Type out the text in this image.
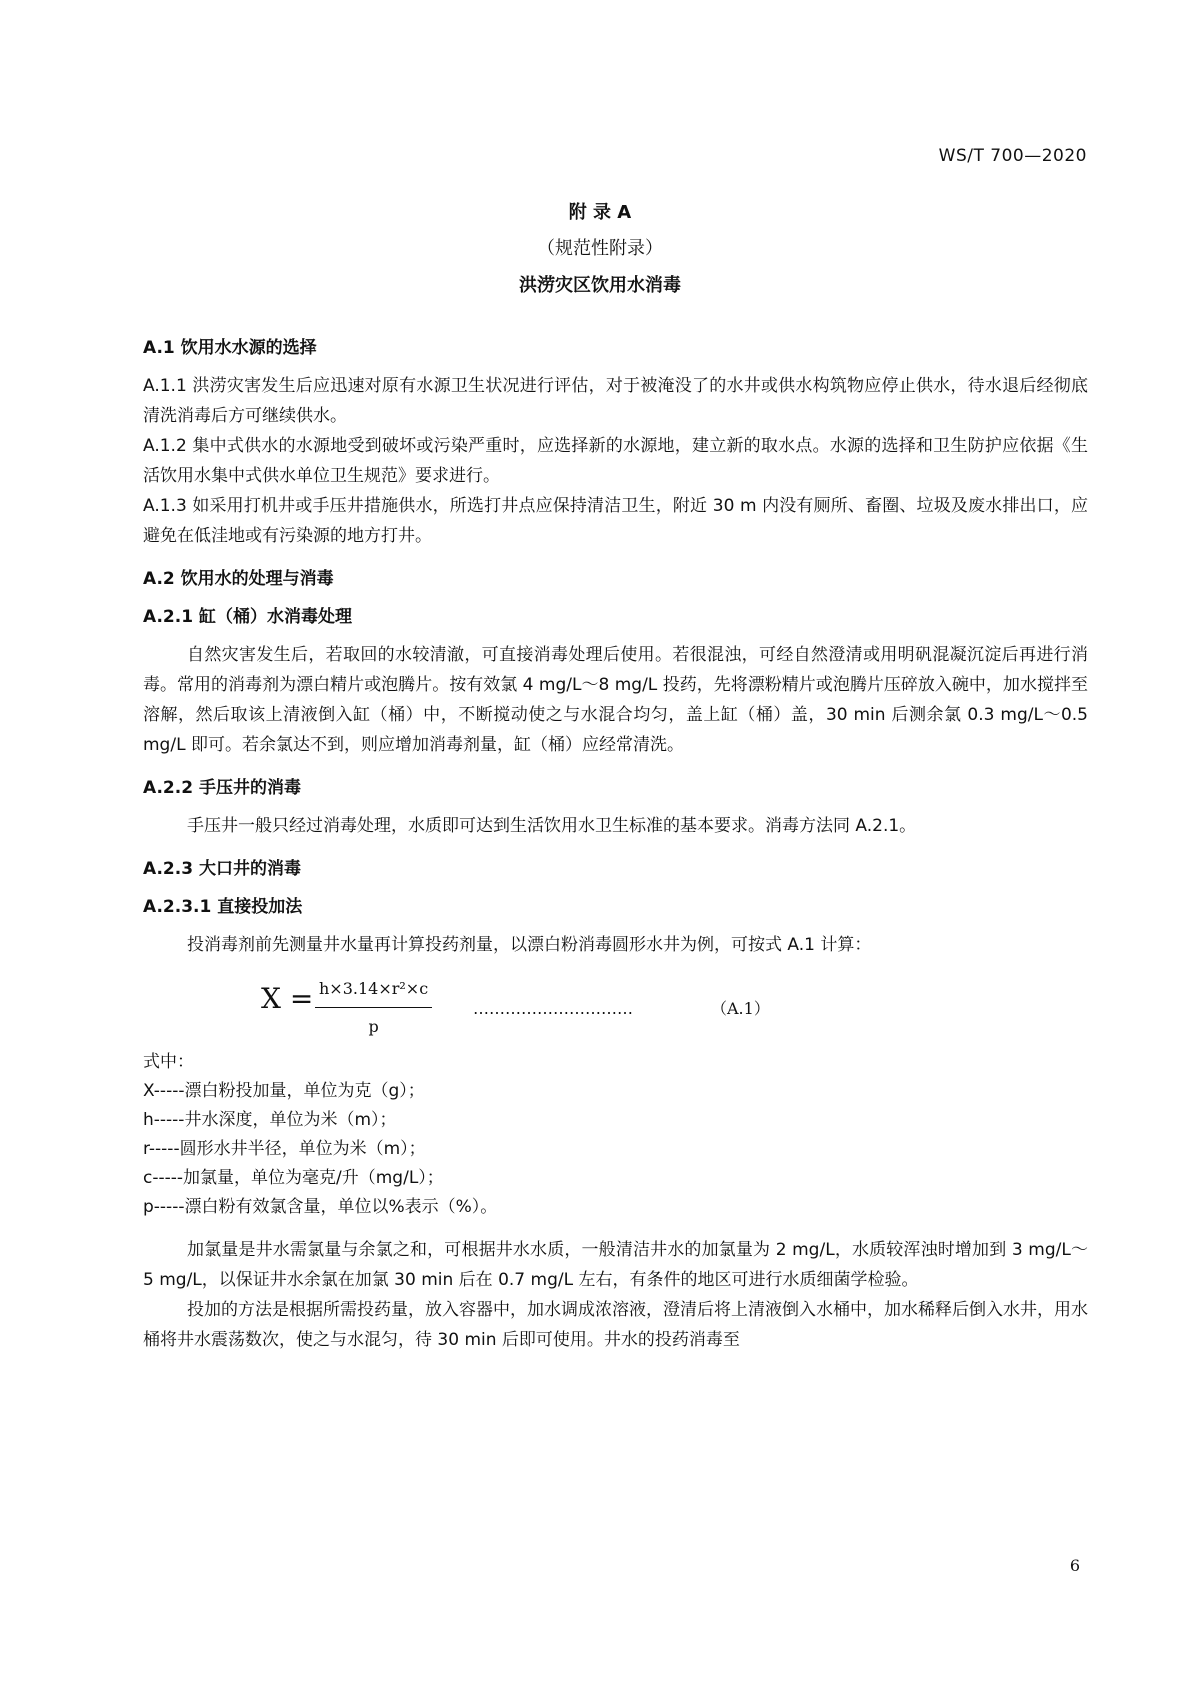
WS/T 700—2020
附 录 A
（规范性附录）
洪涝灾区饮用水消毒

A.1 饮用水水源的选择

A.1.1 洪涝灾害发生后应迅速对原有水源卫生状况进行评估，对于被淹没了的水井或供水构筑物应停止供水，待水退后经彻底清洗消毒后方可继续供水。

A.1.2 集中式供水的水源地受到破坏或污染严重时，应选择新的水源地，建立新的取水点。水源的选择和卫生防护应依据《生活饮用水集中式供水单位卫生规范》要求进行。

A.1.3 如采用打机井或手压井措施供水，所选打井点应保持清洁卫生，附近 30 m 内没有厕所、畜圈、垃圾及废水排出口，应避免在低洼地或有污染源的地方打井。

A.2 饮用水的处理与消毒

A.2.1 缸（桶）水消毒处理

自然灾害发生后，若取回的水较清澈，可直接消毒处理后使用。若很混浊，可经自然澄清或用明矾混凝沉淀后再进行消毒。常用的消毒剂为漂白精片或泡腾片。按有效氯 4 mg/L～8 mg/L 投药，先将漂粉精片或泡腾片压碎放入碗中，加水搅拌至溶解，然后取该上清液倒入缸（桶）中，不断搅动使之与水混合均匀，盖上缸（桶）盖，30 min 后测余氯 0.3 mg/L～0.5 mg/L 即可。若余氯达不到，则应增加消毒剂量，缸（桶）应经常清洗。

A.2.2 手压井的消毒

手压井一般只经过消毒处理，水质即可达到生活饮用水卫生标准的基本要求。消毒方法同 A.2.1。

A.2.3 大口井的消毒

A.2.3.1 直接投加法

投消毒剂前先测量井水量再计算投药剂量，以漂白粉消毒圆形水井为例，可按式 A.1 计算：

$X = \frac{\text{h×3.14×r²×c}}{p}$	…………………………	（A.1）

式中：

X-----漂白粉投加量，单位为克（g）；

h-----井水深度，单位为米（m）；

r-----圆形水井半径，单位为米（m）；

c-----加氯量，单位为毫克/升（mg/L）；

p-----漂白粉有效氯含量，单位以%表示（%）。

加氯量是井水需氯量与余氯之和，可根据井水水质，一般清洁井水的加氯量为 2 mg/L，水质较浑浊时增加到 3 mg/L～5 mg/L，以保证井水余氯在加氯 30 min 后在 0.7 mg/L 左右，有条件的地区可进行水质细菌学检验。

投加的方法是根据所需投药量，放入容器中，加水调成浓溶液，澄清后将上清液倒入水桶中，加水稀释后倒入水井，用水桶将井水震荡数次，使之与水混匀，待 30 min 后即可使用。井水的投药消毒至

6
